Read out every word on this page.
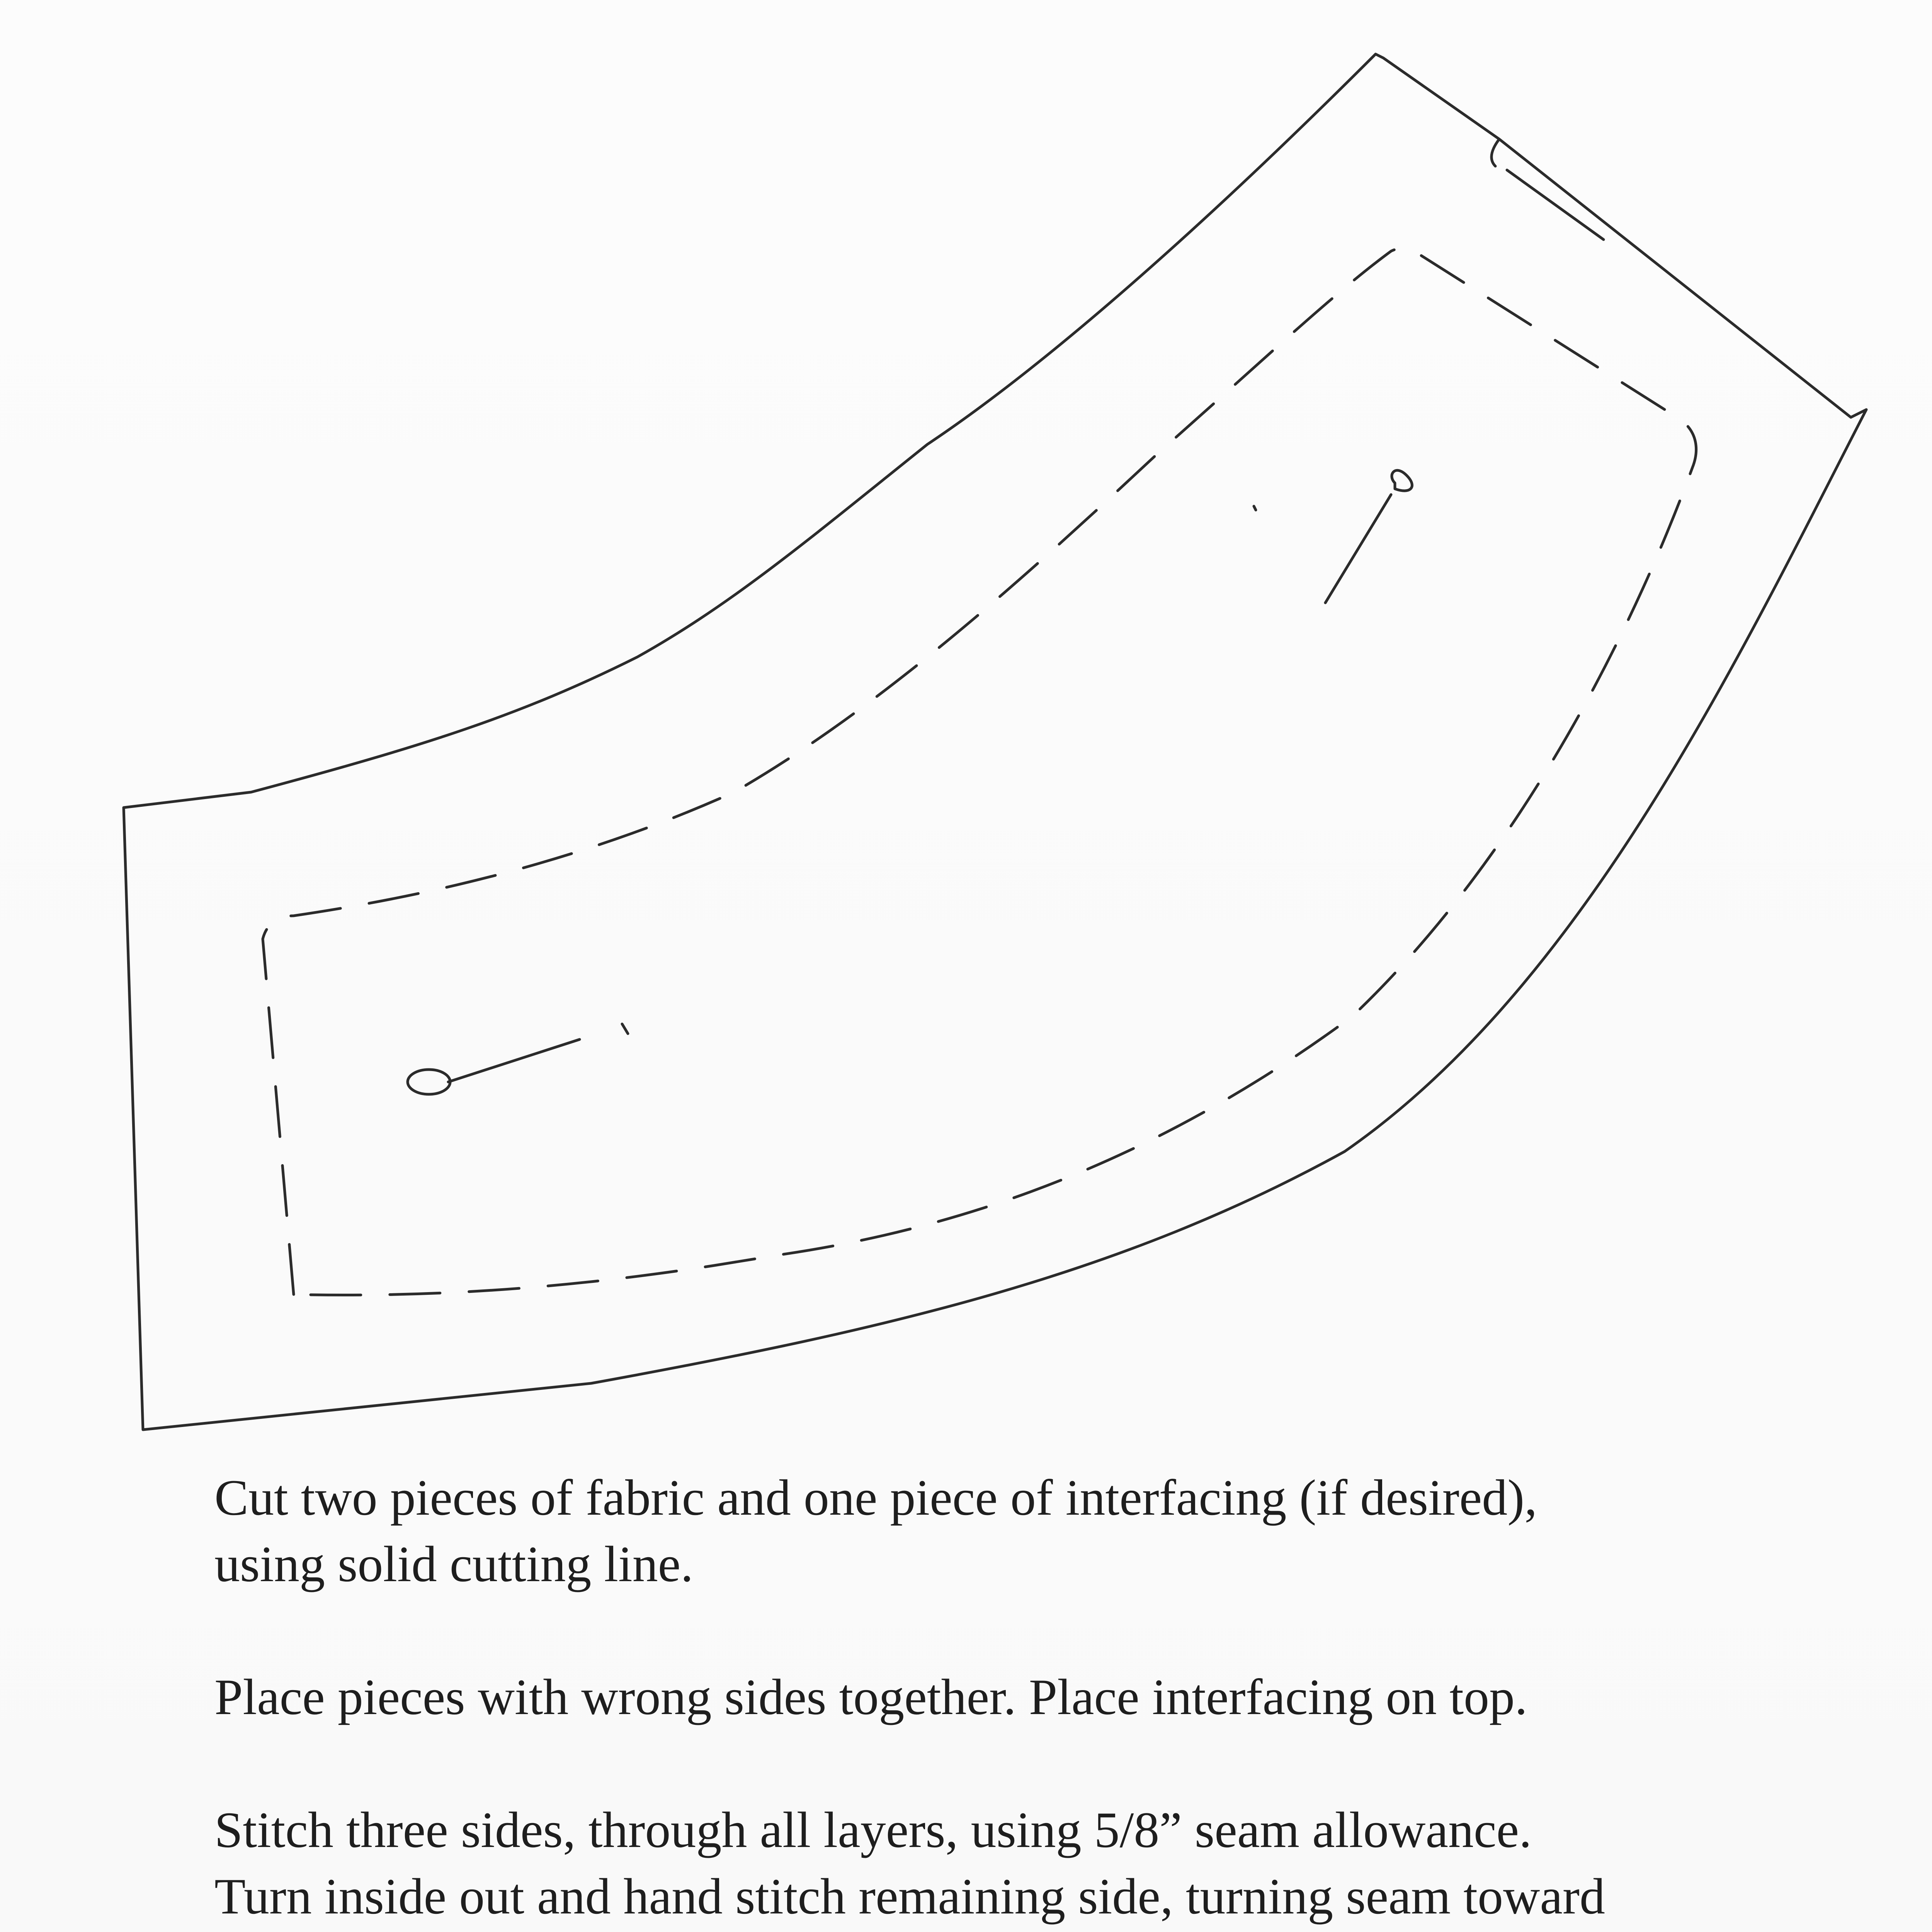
Cut two pieces of fabric and one piece of interfacing (if desired),
using solid cutting line.

Place pieces with wrong sides together. Place interfacing on top.

Stitch three sides, through all layers, using 5/8” seam allowance.
Turn inside out and hand stitch remaining side, turning seam toward
